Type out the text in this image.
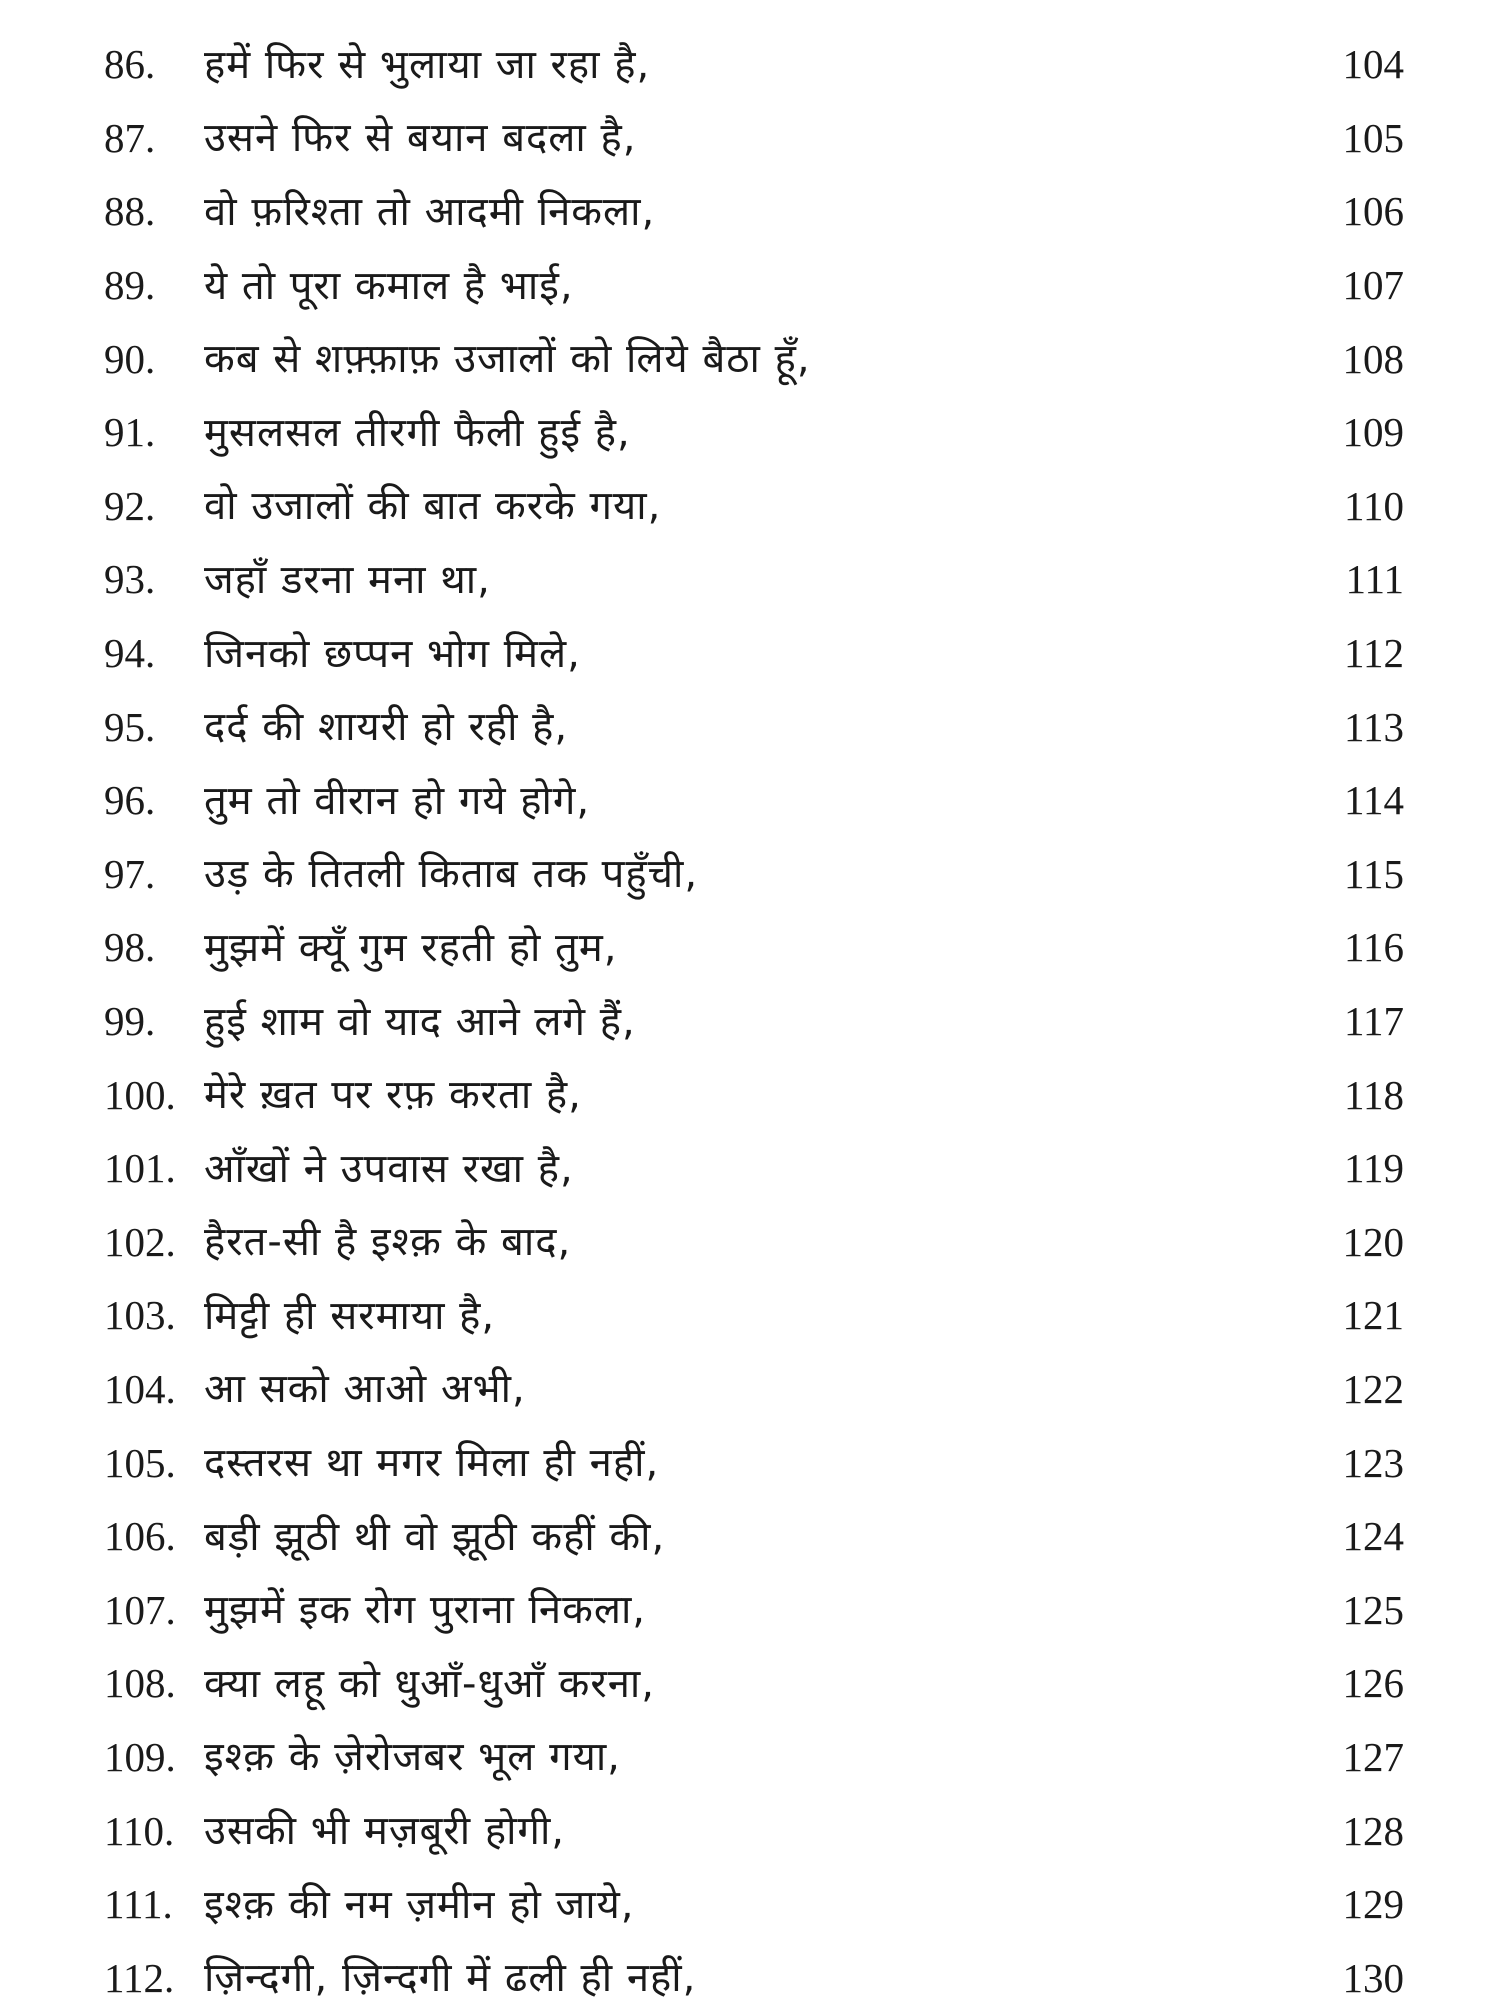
86.	हमें फिर से भुलाया जा रहा है,	104
87.	उसने फिर से बयान बदला है,	105
88.	वो फ़रिश्ता तो आदमी निकला,	106
89.	ये तो पूरा कमाल है भाई,	107
90.	कब से शफ़्फ़ाफ़ उजालों को लिये बैठा हूँ,	108
91.	मुसलसल तीरगी फैली हुई है,	109
92.	वो उजालों की बात करके गया,	110
93.	जहाँ डरना मना था,	111
94.	जिनको छप्पन भोग मिले,	112
95.	दर्द की शायरी हो रही है,	113
96.	तुम तो वीरान हो गये होगे,	114
97.	उड़ के तितली किताब तक पहुँची,	115
98.	मुझमें क्यूँ गुम रहती हो तुम,	116
99.	हुई शाम वो याद आने लगे हैं,	117
100. मेरे ख़त पर रफ़ करता है,	118
101. आँखों ने उपवास रखा है,	119
102. हैरत-सी है इश्क़ के बाद,	120
103. मिट्टी ही सरमाया है,	121
104. आ सको आओ अभी,	122
105. दस्तरस था मगर मिला ही नहीं,	123
106. बड़ी झूठी थी वो झूठी कहीं की,	124
107. मुझमें इक रोग पुराना निकला,	125
108. क्या लहू को धुआँ-धुआँ करना,	126
109. इश्क़ के ज़ेरोजबर भूल गया,	127
110. उसकी भी मज़बूरी होगी,	128
111. इश्क़ की नम ज़मीन हो जाये,	129
112. ज़िन्दगी, ज़िन्दगी में ढली ही नहीं,	130
